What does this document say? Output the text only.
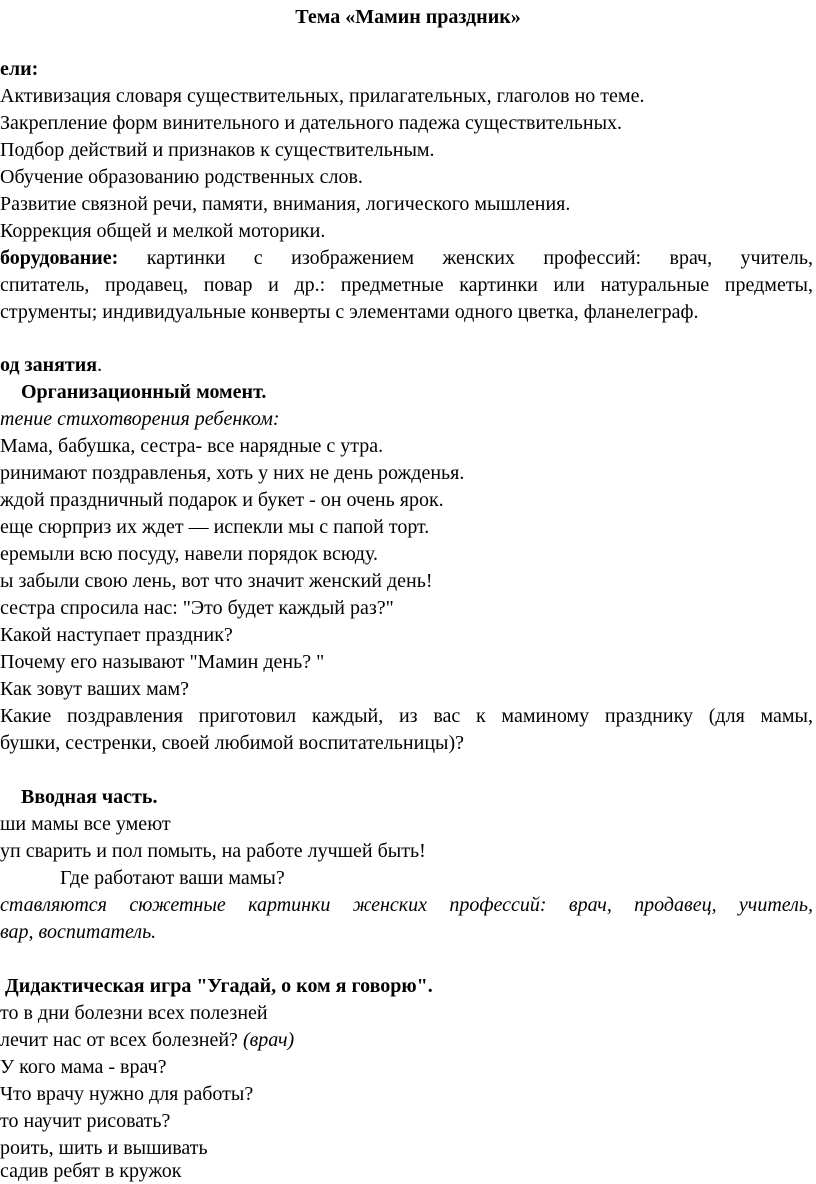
Тема «Мамин праздник»
ели:
Активизация словаря существительных, прилагательных, глаголов но теме.
Закрепление форм винительного и дательного падежа существительных.
Подбор действий и признаков к существительным.
Обучение образованию родственных слов.
Развитие связной речи, памяти, внимания, логического мышления.
Коррекция общей и мелкой моторики.
борудование: картинки с изображением женских профессий: врач, учитель,
спитатель, продавец, повар и др.: предметные картинки или натуральные предметы,
струменты; индивидуальные конверты с элементами одного цветка, фланелеграф.
од занятия.
Организационный момент.
тение стихотворения ребенком:
Мама, бабушка, сестра- все нарядные с утра.
ринимают поздравленья, хоть у них не день рожденья.
ждой праздничный подарок и букет - он очень ярок.
еще сюрприз их ждет — испекли мы с папой торт.
еремыли всю посуду, навели порядок всюду.
ы забыли свою лень, вот что значит женский день!
сестра спросила нас: "Это будет каждый раз?"
Какой наступает праздник?
Почему его называют "Мамин день? "
Как зовут ваших мам?
Какие поздравления приготовил каждый, из вас к маминому празднику (для мамы,
бушки, сестренки, своей любимой воспитательницы)?
Вводная часть.
ши мамы все умеют
уп сварить и пол помыть, на работе лучшей быть!
Где работают ваши мамы?
ставляются сюжетные картинки женских профессий: врач, продавец, учитель,
вар, воспитатель.
Дидактическая игра "Угадай, о ком я говорю".
то в дни болезни всех полезней
лечит нас от всех болезней? (врач)
У кого мама - врач?
Что врачу нужно для работы?
то научит рисовать?
роить, шить и вышивать
садив ребят в кружок
